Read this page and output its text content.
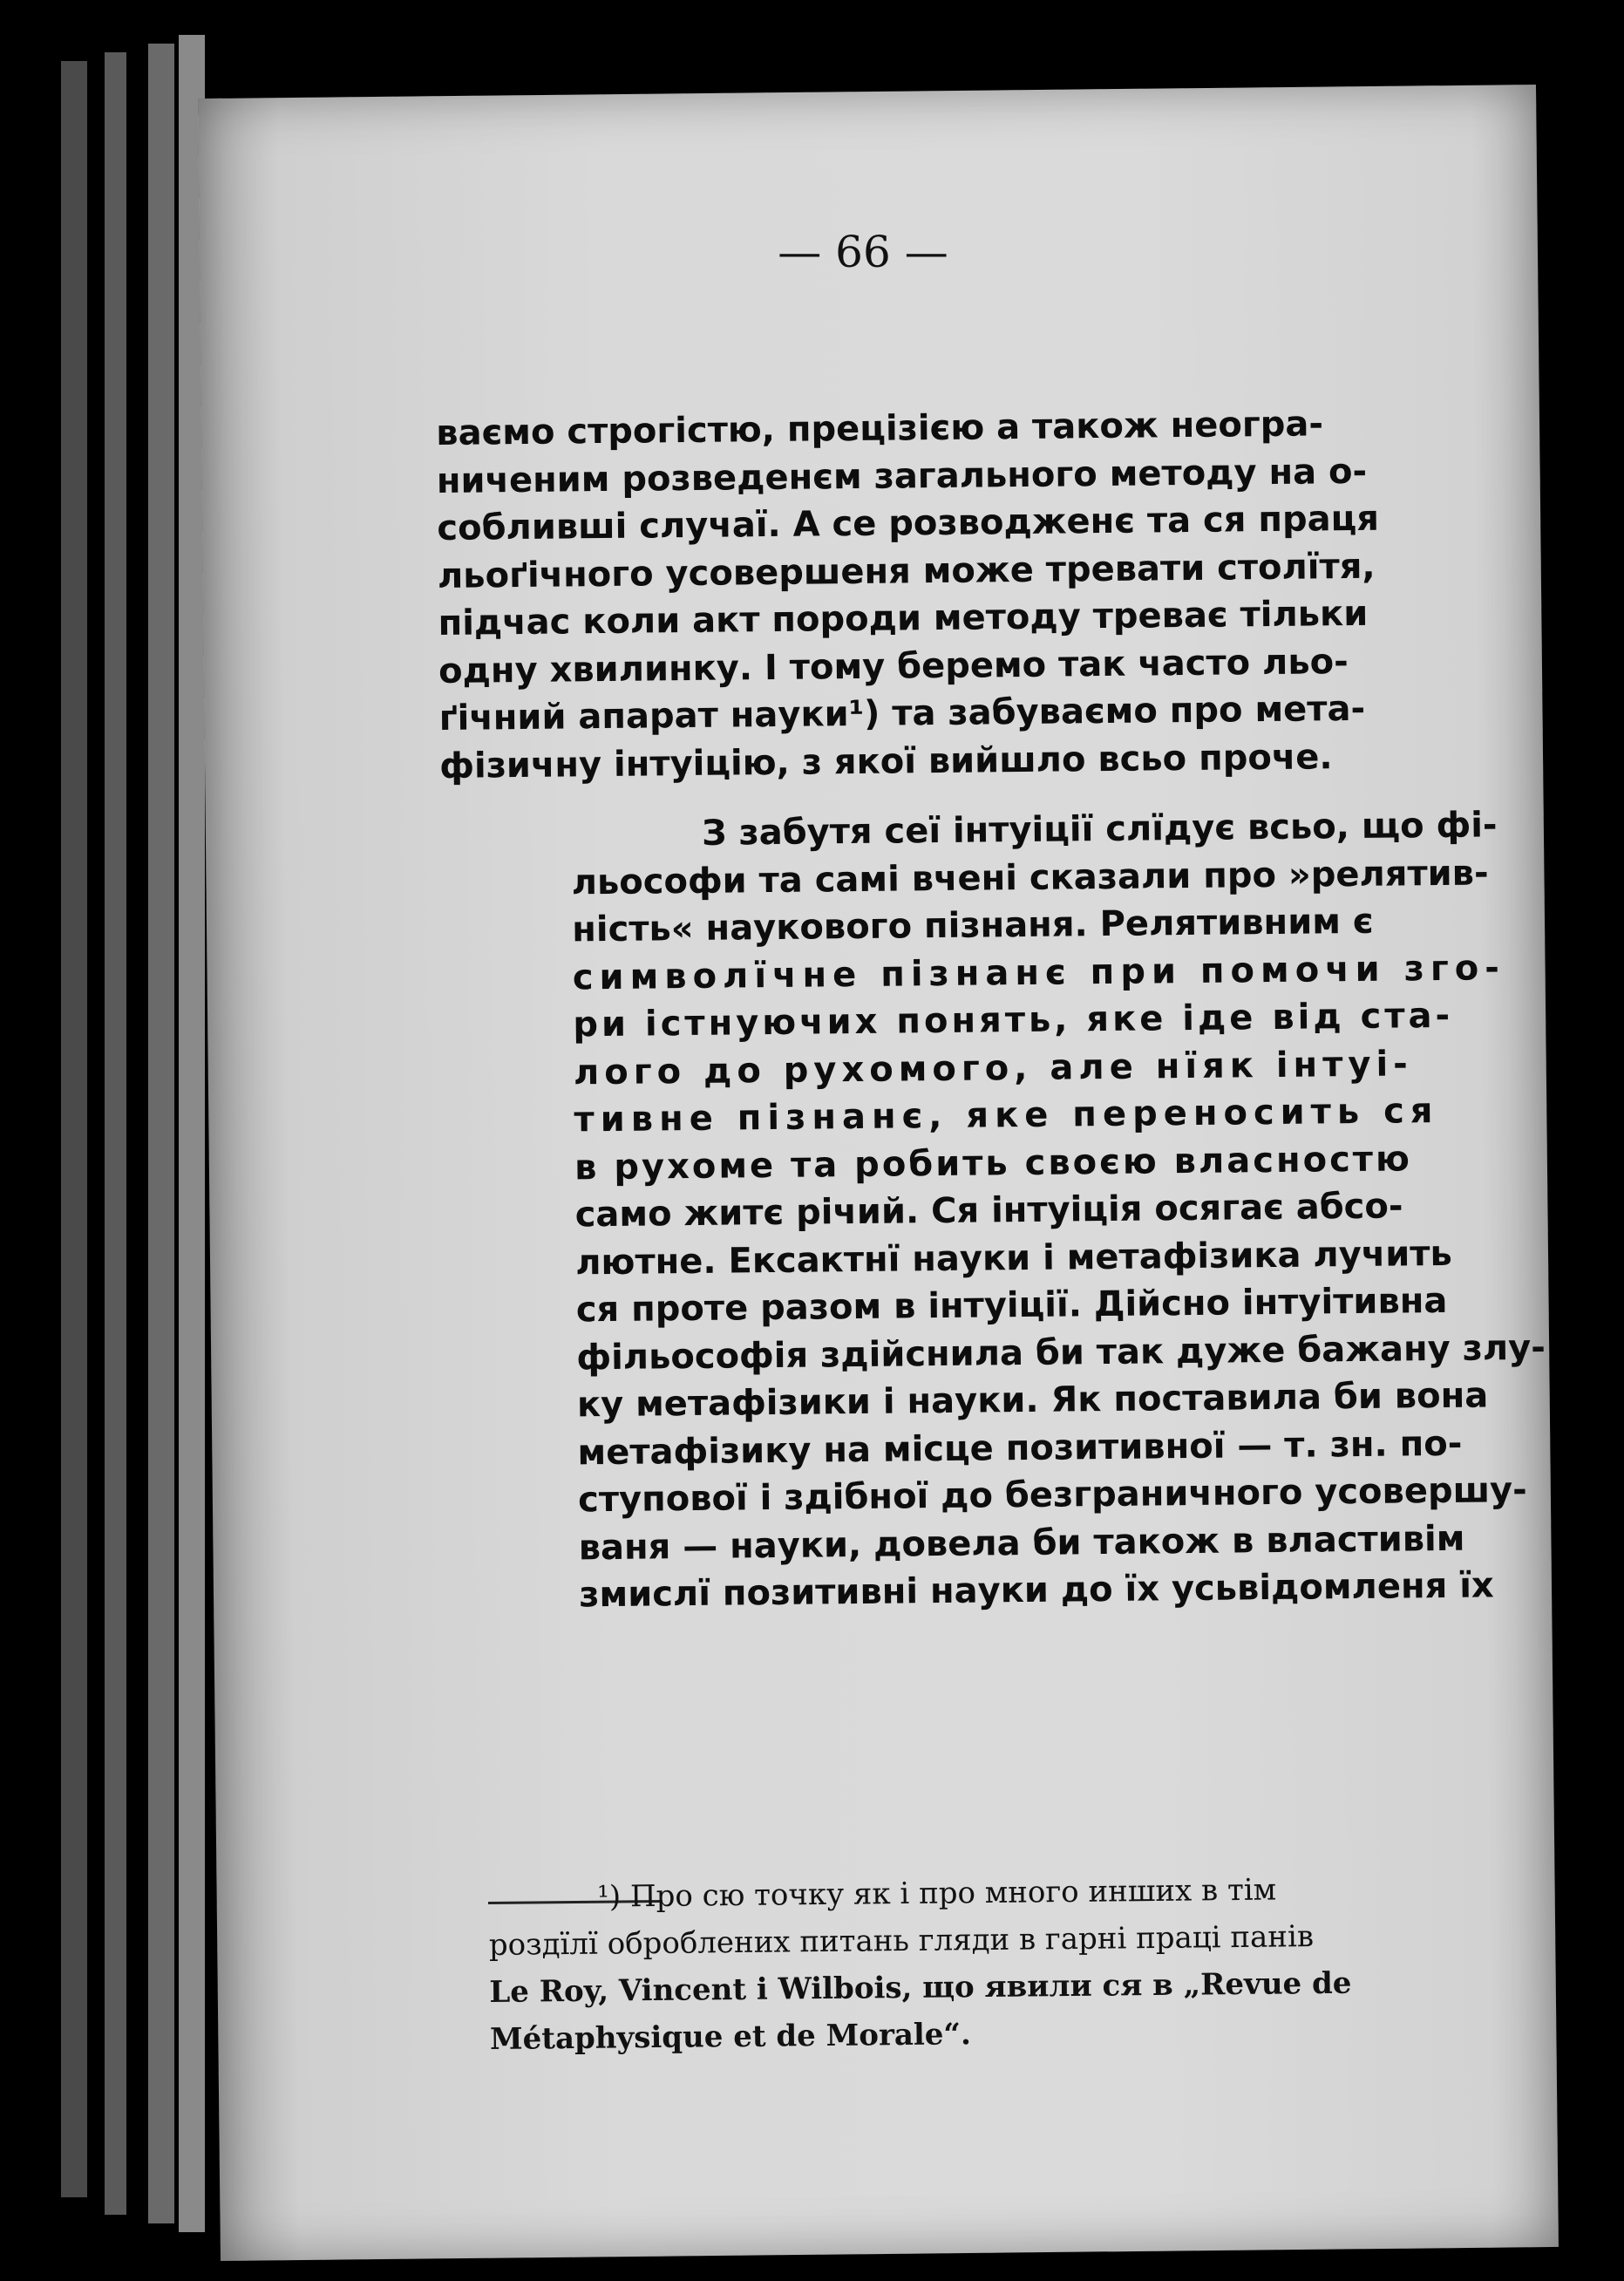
— 66 —

ваємо строгістю, прецізією а також неогра-
ниченим розведенєм загального методу на о-
собливші случаї. А се розводженє та ся праця
льоґічного усовершеня може тревати столїтя,
підчас коли акт породи методу треває тільки
одну хвилинку. І тому беремо так часто льо-
ґічний апарат науки¹) та забуваємо про мета-
фізичну інтуіцію, з якої вийшло всьо проче.

З забутя сеї інтуіції слїдує всьо, що фі-
льософи та самі вчені сказали про »релятив-
ність« наукового пізнаня. Релятивним є
символїчне пізнанє при помочи зго-
ри істнуючих понять, яке іде від ста-
лого до рухомого, але нїяк інтуі-
тивне пізнанє, яке переносить ся
в рухоме та робить своєю власностю
само житє річий. Ся інтуіція осягає абсо-
лютне. Ексактнї науки і метафізика лучить
ся проте разом в інтуіції. Дійсно інтуітивна
фільософія здійснила би так дуже бажану злу-
ку метафізики і науки. Як поставила би вона
метафізику на місце позитивної — т. зн. по-
ступової і здібної до безграничного усовершу-
ваня — науки, довела би також в властивім
змислї позитивні науки до їх усьвідомленя їх

¹) Про сю точку як і про много инших в тім
роздїлї оброблених питань гляди в гарні праці панів
Le Roy, Vincent і Wilbois, що явили ся в „Revue de
Métaphysique et de Morale“.
